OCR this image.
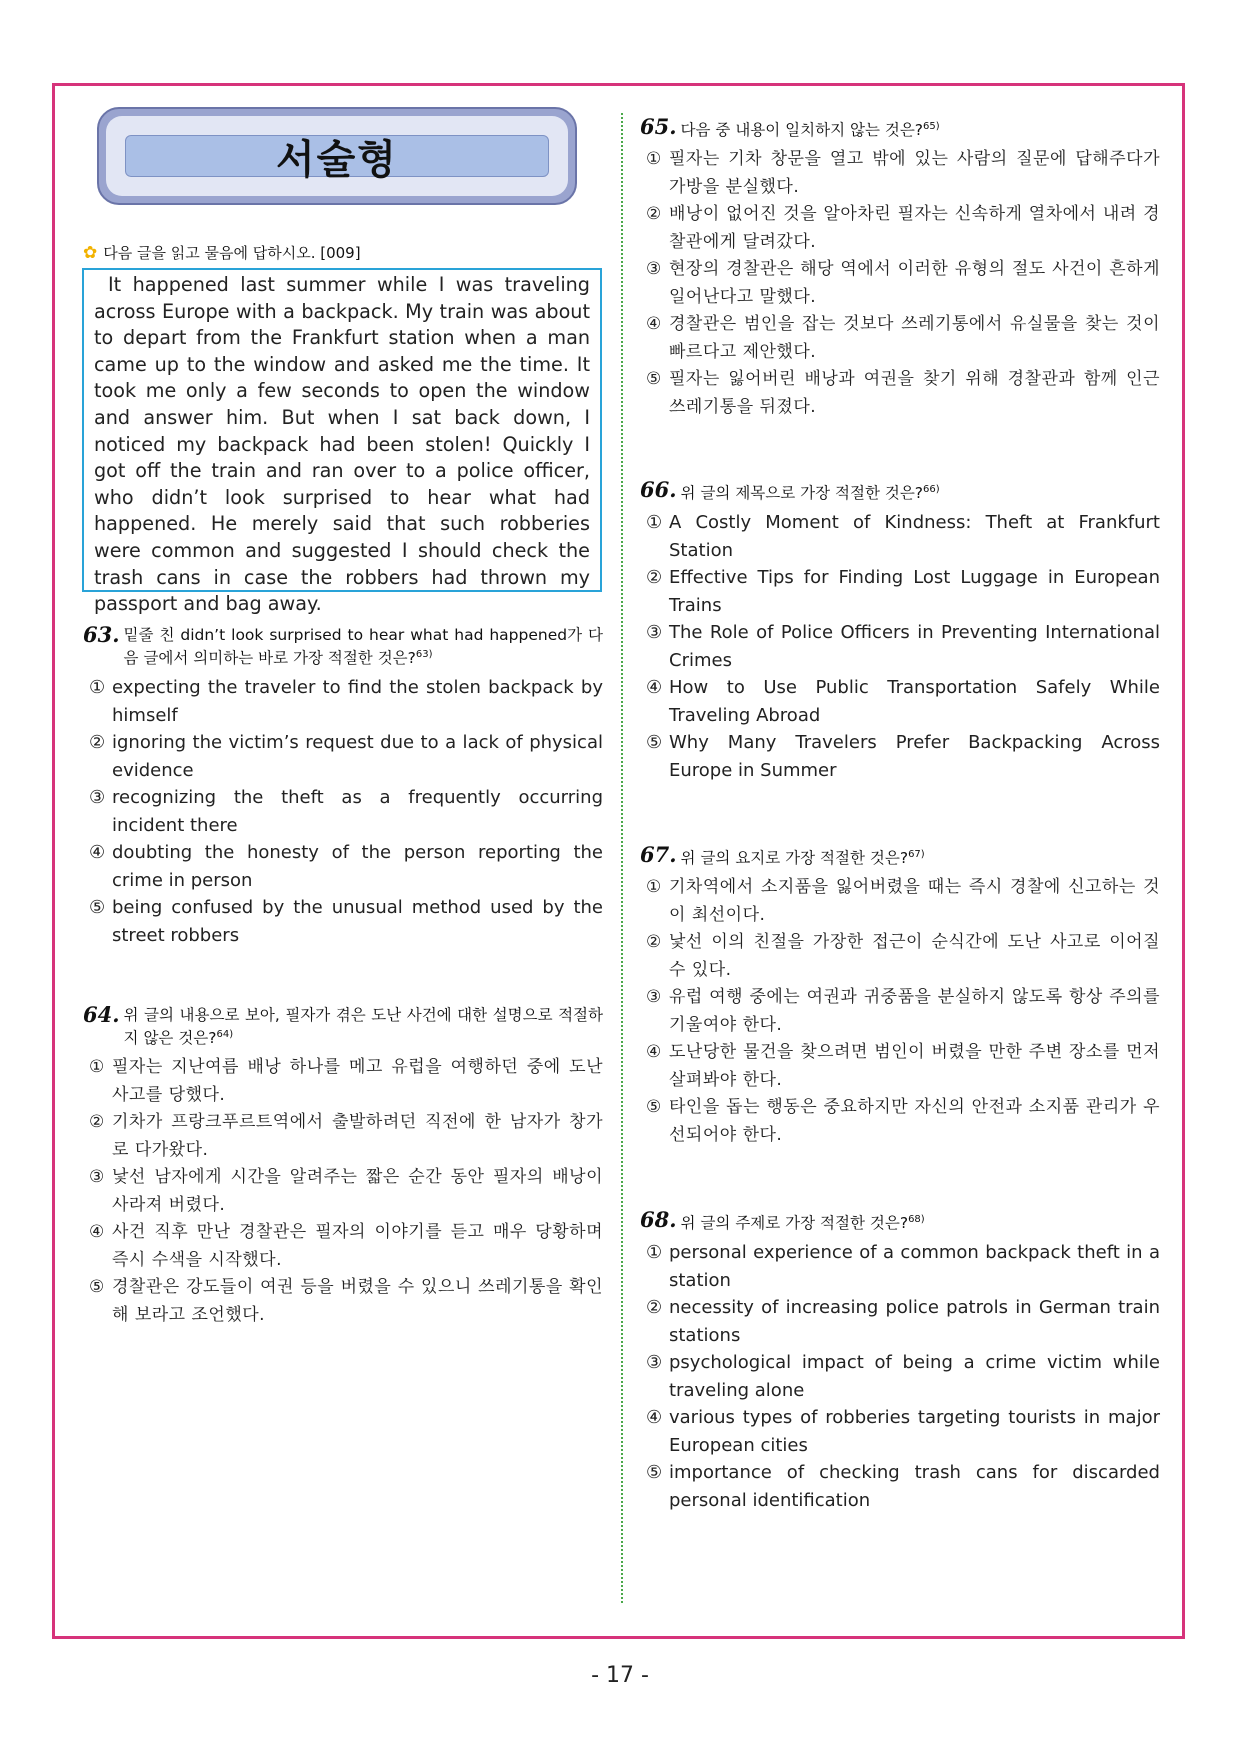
서술형
✿ 다음 글을 읽고 물음에 답하시오. [009]
It happened last summer while I was traveling across Europe with a backpack. My train was about to depart from the Frankfurt station when a man came up to the window and asked me the time. It took me only a few seconds to open the window and answer him. But when I sat back down, I noticed my backpack had been stolen! Quickly I got off the train and ran over to a police officer, who didn’t look surprised to hear what had happened. He merely said that such robberies were common and suggested I should check the trash cans in case the robbers had thrown my passport and bag away.
63. 밑줄 친 didn’t look surprised to hear what had happened가 다음 글에서 의미하는 바로 가장 적절한 것은?$^{63)}$
① expecting the traveler to find the stolen backpack by himself
② ignoring the victim’s request due to a lack of physical evidence
③ recognizing the theft as a frequently occurring incident there
④ doubting the honesty of the person reporting the crime in person
⑤ being confused by the unusual method used by the street robbers
64. 위 글의 내용으로 보아, 필자가 겪은 도난 사건에 대한 설명으로 적절하지 않은 것은?$^{64)}$
① 필자는 지난여름 배낭 하나를 메고 유럽을 여행하던 중에 도난 사고를 당했다.
② 기차가 프랑크푸르트역에서 출발하려던 직전에 한 남자가 창가로 다가왔다.
③ 낯선 남자에게 시간을 알려주는 짧은 순간 동안 필자의 배낭이 사라져 버렸다.
④ 사건 직후 만난 경찰관은 필자의 이야기를 듣고 매우 당황하며 즉시 수색을 시작했다.
⑤ 경찰관은 강도들이 여권 등을 버렸을 수 있으니 쓰레기통을 확인해 보라고 조언했다.
65. 다음 중 내용이 일치하지 않는 것은?$^{65)}$
① 필자는 기차 창문을 열고 밖에 있는 사람의 질문에 답해주다가 가방을 분실했다.
② 배낭이 없어진 것을 알아차린 필자는 신속하게 열차에서 내려 경찰관에게 달려갔다.
③ 현장의 경찰관은 해당 역에서 이러한 유형의 절도 사건이 흔하게 일어난다고 말했다.
④ 경찰관은 범인을 잡는 것보다 쓰레기통에서 유실물을 찾는 것이 빠르다고 제안했다.
⑤ 필자는 잃어버린 배낭과 여권을 찾기 위해 경찰관과 함께 인근 쓰레기통을 뒤졌다.
66. 위 글의 제목으로 가장 적절한 것은?$^{66)}$
① A Costly Moment of Kindness: Theft at Frankfurt Station
② Effective Tips for Finding Lost Luggage in European Trains
③ The Role of Police Officers in Preventing International Crimes
④ How to Use Public Transportation Safely While Traveling Abroad
⑤ Why Many Travelers Prefer Backpacking Across Europe in Summer
67. 위 글의 요지로 가장 적절한 것은?$^{67)}$
① 기차역에서 소지품을 잃어버렸을 때는 즉시 경찰에 신고하는 것이 최선이다.
② 낯선 이의 친절을 가장한 접근이 순식간에 도난 사고로 이어질 수 있다.
③ 유럽 여행 중에는 여권과 귀중품을 분실하지 않도록 항상 주의를 기울여야 한다.
④ 도난당한 물건을 찾으려면 범인이 버렸을 만한 주변 장소를 먼저 살펴봐야 한다.
⑤ 타인을 돕는 행동은 중요하지만 자신의 안전과 소지품 관리가 우선되어야 한다.
68. 위 글의 주제로 가장 적절한 것은?$^{68)}$
① personal experience of a common backpack theft in a station
② necessity of increasing police patrols in German train stations
③ psychological impact of being a crime victim while traveling alone
④ various types of robberies targeting tourists in major European cities
⑤ importance of checking trash cans for discarded personal identification
- 17 -
